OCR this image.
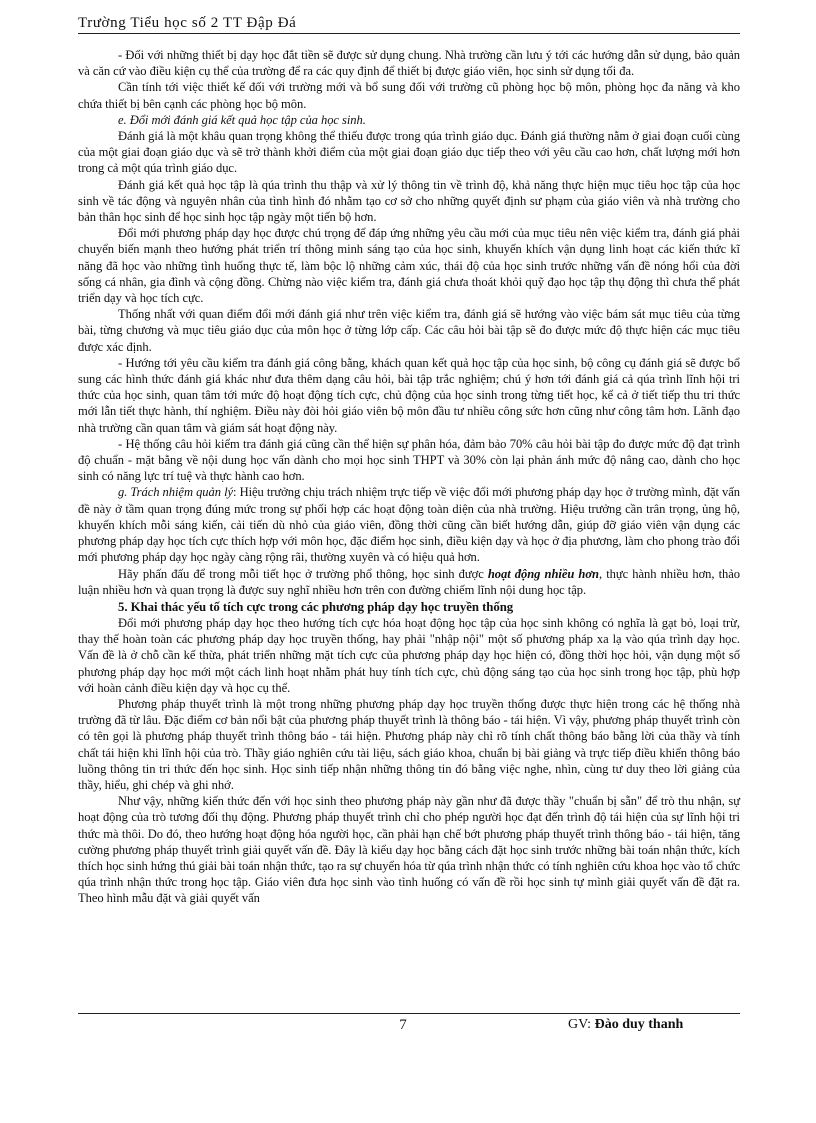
Trường Tiểu học số 2 TT Đập Đá

- Đối với những thiết bị dạy học đắt tiền sẽ được sử dụng chung. Nhà trường cần lưu ý tới các hướng dẫn sử dụng, bảo quản và căn cứ vào điều kiện cụ thể của trường để ra các quy định để thiết bị được giáo viên, học sinh sử dụng tối đa.

Cần tính tới việc thiết kế đối với trường mới và bổ sung đối với trường cũ phòng học bộ môn, phòng học đa năng và kho chứa thiết bị bên cạnh các phòng học bộ môn.

e. Đổi mới đánh giá kết quả học tập của học sinh.

Đánh giá là một khâu quan trọng không thể thiếu được trong qúa trình giáo dục. Đánh giá thường nằm ở giai đoạn cuối cùng của một giai đoạn giáo dục và sẽ trở thành khởi điểm của một giai đoạn giáo dục tiếp theo với yêu cầu cao hơn, chất lượng mới hơn trong cả một qúa trình giáo dục.

Đánh giá kết quả học tập là qúa trình thu thập và xử lý thông tin về trình độ, khả năng thực hiện mục tiêu học tập của học sinh về tác động và nguyên nhân của tình hình đó nhằm tạo cơ sở cho những quyết định sư phạm của giáo viên và nhà trường cho bản thân học sinh để học sinh học tập ngày một tiến bộ hơn.

Đổi mới phương pháp dạy học được chú trọng để đáp ứng những yêu cầu mới của mục tiêu nên việc kiểm tra, đánh giá phải chuyển biến mạnh theo hướng phát triển trí thông minh sáng tạo của học sinh, khuyến khích vận dụng linh hoạt các kiến thức kĩ năng đã học vào những tình huống thực tế, làm bộc lộ những cảm xúc, thái độ của học sinh trước những vấn đề nóng hổi của đời sống cá nhân, gia đình và cộng đồng. Chừng nào việc kiểm tra, đánh giá chưa thoát khỏi quỹ đạo học tập thụ động thì chưa thể phát triển dạy và học tích cực.

Thống nhất với quan điểm đổi mới đánh giá như trên việc kiểm tra, đánh giá sẽ hướng vào việc bám sát mục tiêu của từng bài, từng chương và mục tiêu giáo dục của môn học ở từng lớp cấp. Các câu hỏi bài tập sẽ đo được mức độ thực hiện các mục tiêu được xác định.

- Hướng tới yêu cầu kiểm tra đánh giá công bằng, khách quan kết quả học tập của học sinh, bộ công cụ đánh giá sẽ được bổ sung các hình thức đánh giá khác như đưa thêm dạng câu hỏi, bài tập trắc nghiệm; chú ý hơn tới đánh giá cả qúa trình lĩnh hội tri thức của học sinh, quan tâm tới mức độ hoạt động tích cực, chủ động của học sinh trong từng tiết học, kể cả ở tiết tiếp thu tri thức mới lẫn tiết thực hành, thí nghiệm. Điều này đòi hỏi giáo viên bộ môn đầu tư nhiều công sức hơn cũng như công tâm hơn. Lãnh đạo nhà trường cần quan tâm và giám sát hoạt động này.

- Hệ thống câu hỏi kiểm tra đánh giá cũng cần thể hiện sự phân hóa, đảm bảo 70% câu hỏi bài tập đo được mức độ đạt trình độ chuẩn - mặt bằng về nội dung học vấn dành cho mọi học sinh THPT và 30% còn lại phản ánh mức độ nâng cao, dành cho học sinh có năng lực trí tuệ và thực hành cao hơn.

g. Trách nhiệm quản lý: Hiệu trưởng chịu trách nhiệm trực tiếp về việc đổi mới phương pháp dạy học ở trường mình, đặt vấn đề này ở tầm quan trọng đúng mức trong sự phối hợp các hoạt động toàn diện của nhà trường. Hiệu trưởng cần trân trọng, ủng hộ, khuyến khích mỗi sáng kiến, cải tiến dù nhỏ của giáo viên, đồng thời cũng cần biết hướng dẫn, giúp đỡ giáo viên vận dụng các phương pháp dạy học tích cực thích hợp với môn học, đặc điểm học sinh, điều kiện dạy và học ở địa phương, làm cho phong trào đổi mới phương pháp dạy học ngày càng rộng rãi, thường xuyên và có hiệu quả hơn.

Hãy phấn đấu để trong mỗi tiết học ở trường phổ thông, học sinh được hoạt động nhiều hơn, thực hành nhiều hơn, thảo luận nhiều hơn và quan trọng là được suy nghĩ nhiều hơn trên con đường chiếm lĩnh nội dung học tập.

5. Khai thác yếu tố tích cực trong các phương pháp dạy học truyền thống

Đổi mới phương pháp dạy học theo hướng tích cực hóa hoạt động học tập của học sinh không có nghĩa là gạt bỏ, loại trừ, thay thế hoàn toàn các phương pháp dạy học truyền thống, hay phải "nhập nội" một số phương pháp xa lạ vào qúa trình dạy học. Vấn đề là ở chỗ cần kế thừa, phát triển những mặt tích cực của phương pháp dạy học hiện có, đồng thời học hỏi, vận dụng một số phương pháp dạy học mới một cách linh hoạt nhằm phát huy tính tích cực, chủ động sáng tạo của học sinh trong học tập, phù hợp với hoàn cảnh điều kiện dạy và học cụ thể.

Phương pháp thuyết trình là một trong những phương pháp dạy học truyền thống được thực hiện trong các hệ thống nhà trường đã từ lâu. Đặc điểm cơ bản nổi bật của phương pháp thuyết trình là thông báo - tái hiện. Vì vậy, phương pháp thuyết trình còn có tên gọi là phương pháp thuyết trình thông báo - tái hiện. Phương pháp này chỉ rõ tính chất thông báo bằng lời của thầy và tính chất tái hiện khi lĩnh hội của trò. Thầy giáo nghiên cứu tài liệu, sách giáo khoa, chuẩn bị bài giảng và trực tiếp điều khiển thông báo luồng thông tin tri thức đến học sinh. Học sinh tiếp nhận những thông tin đó bằng việc nghe, nhìn, cùng tư duy theo lời giảng của thầy, hiểu, ghi chép và ghi nhớ.

Như vậy, những kiến thức đến với học sinh theo phương pháp này gần như đã được thầy "chuẩn bị sẵn" để trò thu nhận, sự hoạt động của trò tương đối thụ động. Phương pháp thuyết trình chỉ cho phép người học đạt đến trình độ tái hiện của sự lĩnh hội tri thức mà thôi. Do đó, theo hướng hoạt động hóa người học, cần phải hạn chế bớt phương pháp thuyết trình thông báo - tái hiện, tăng cường phương pháp thuyết trình giải quyết vấn đề. Đây là kiểu dạy học bằng cách đặt học sinh trước những bài toán nhận thức, kích thích học sinh hứng thú giải bài toán nhận thức, tạo ra sự chuyển hóa từ qúa trình nhận thức có tính nghiên cứu khoa học vào tổ chức qúa trình nhận thức trong học tập. Giáo viên đưa học sinh vào tình huống có vấn đề rồi học sinh tự mình giải quyết vấn đề đặt ra. Theo hình mẫu đặt và giải quyết vấn

7	GV: Đào duy thanh
